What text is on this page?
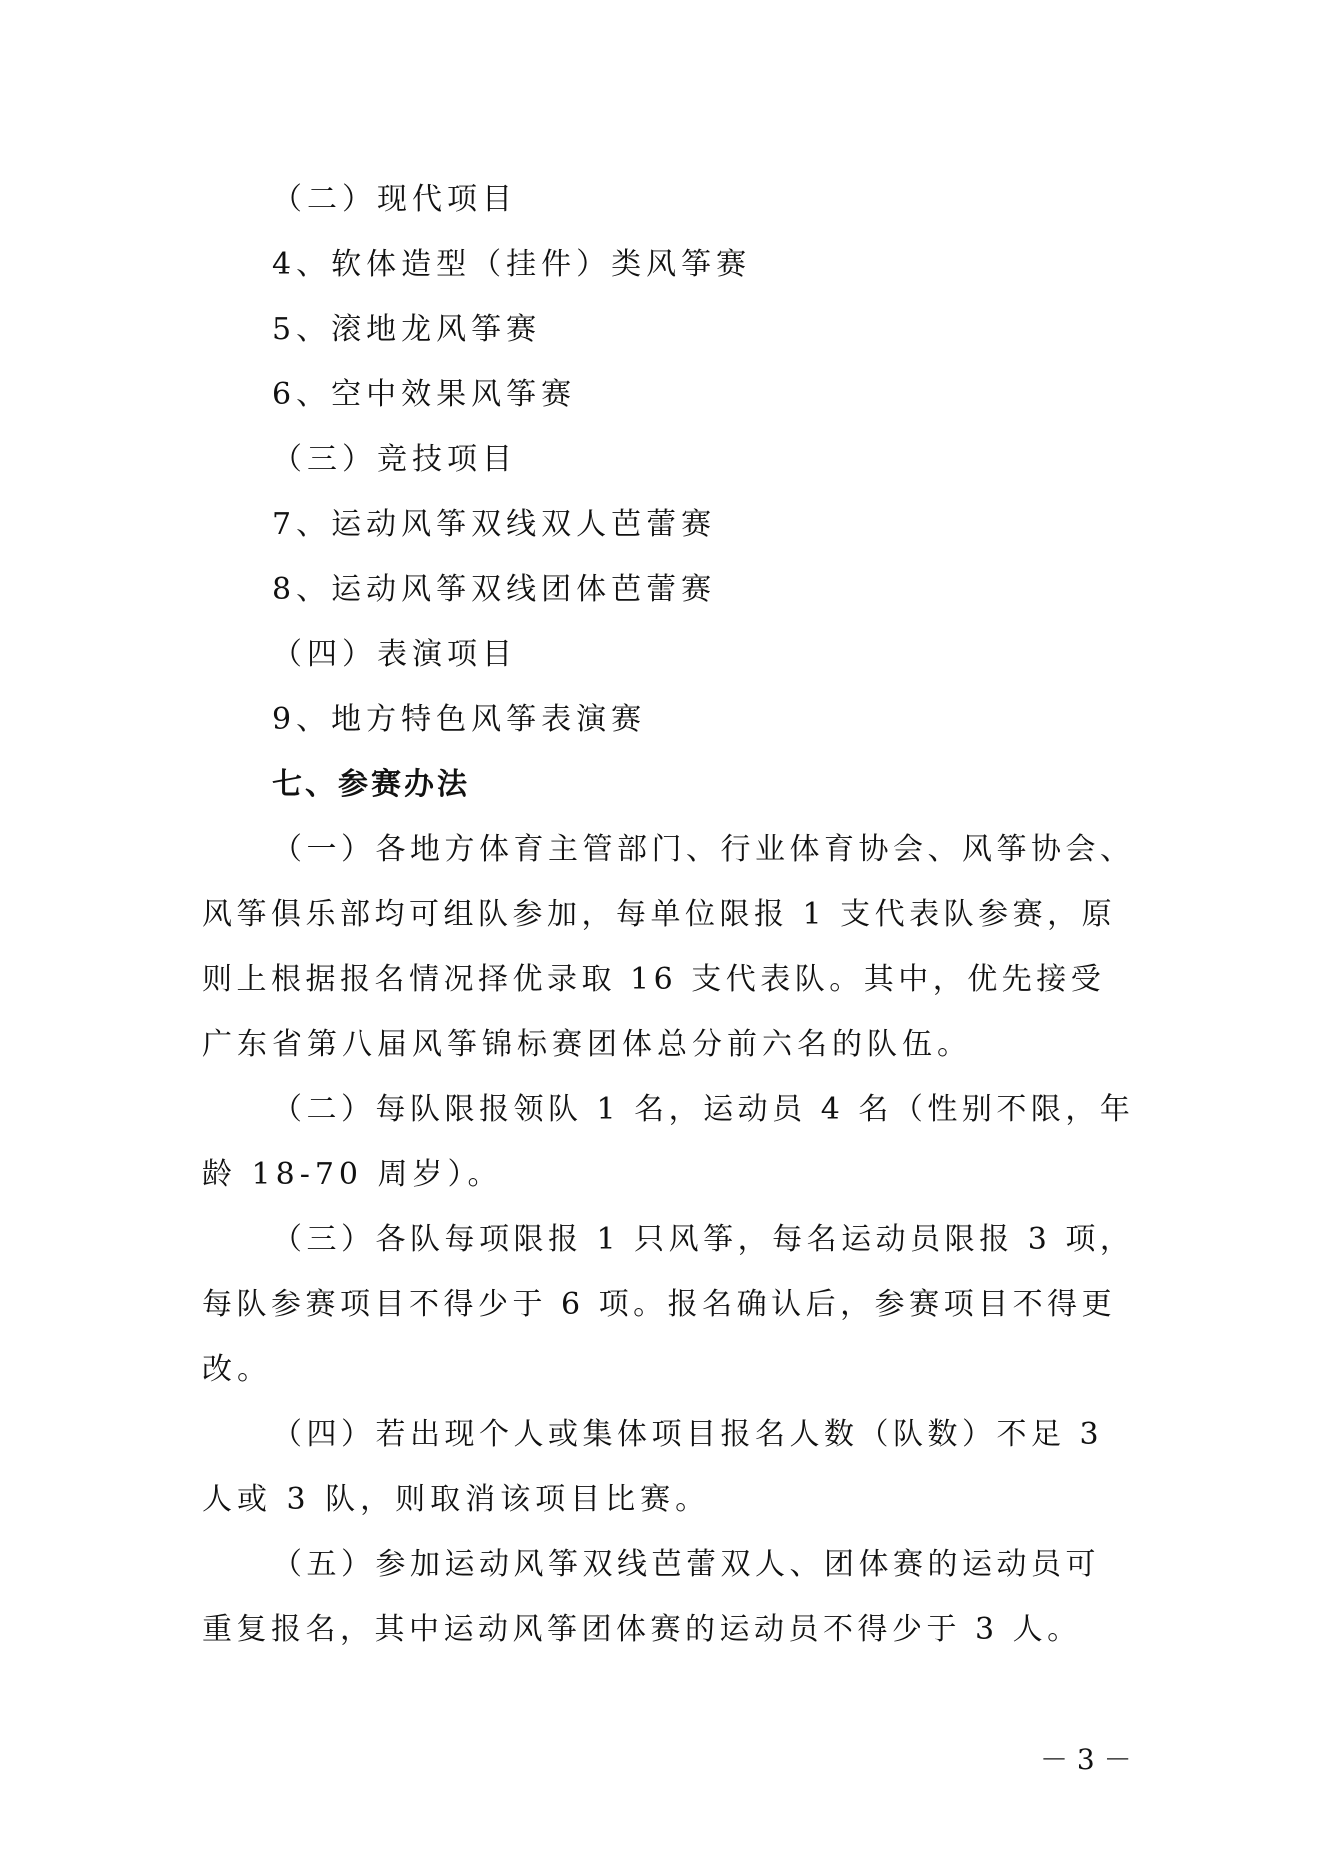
（二）现代项目
4、软体造型（挂件）类风筝赛
5、滚地龙风筝赛
6、空中效果风筝赛
（三）竞技项目
7、运动风筝双线双人芭蕾赛
8、运动风筝双线团体芭蕾赛
（四）表演项目
9、地方特色风筝表演赛
七、参赛办法
（一）各地方体育主管部门、行业体育协会、风筝协会、
风筝俱乐部均可组队参加，每单位限报 1 支代表队参赛，原
则上根据报名情况择优录取 16 支代表队。其中，优先接受
广东省第八届风筝锦标赛团体总分前六名的队伍。
（二）每队限报领队 1 名，运动员 4 名（性别不限，年
龄 18-70 周岁）。
（三）各队每项限报 1 只风筝，每名运动员限报 3 项，
每队参赛项目不得少于 6 项。报名确认后，参赛项目不得更
改。
（四）若出现个人或集体项目报名人数（队数）不足 3
人或 3 队，则取消该项目比赛。
（五）参加运动风筝双线芭蕾双人、团体赛的运动员可
重复报名，其中运动风筝团体赛的运动员不得少于 3 人。
－ 3 －
